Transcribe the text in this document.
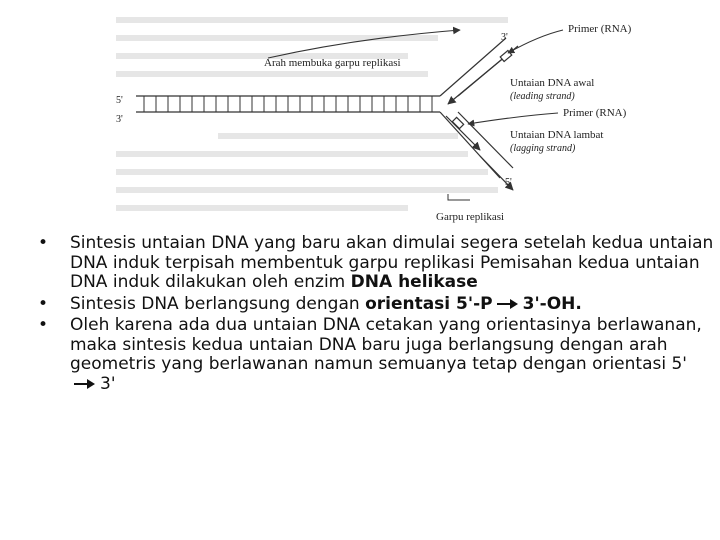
Primer (RNA)
3'
Arah membuka garpu replikasi
Untaian DNA awal
(leading strand)
5'
3'
Primer (RNA)
Untaian DNA lambat
(lagging strand)
5'
Garpu replikasi
• Sintesis untaian DNA yang baru akan dimulai segera setelah kedua untaian DNA induk terpisah membentuk garpu replikasi Pemisahan kedua untaian DNA induk dilakukan oleh enzim DNA helikase
• Sintesis DNA berlangsung dengan orientasi 5'-P 3'-OH.
• Oleh karena ada dua untaian DNA cetakan yang orientasinya berlawanan, maka sintesis kedua untaian DNA baru juga berlangsung dengan arah geometris yang berlawanan namun semuanya tetap dengan orientasi 5'3'
